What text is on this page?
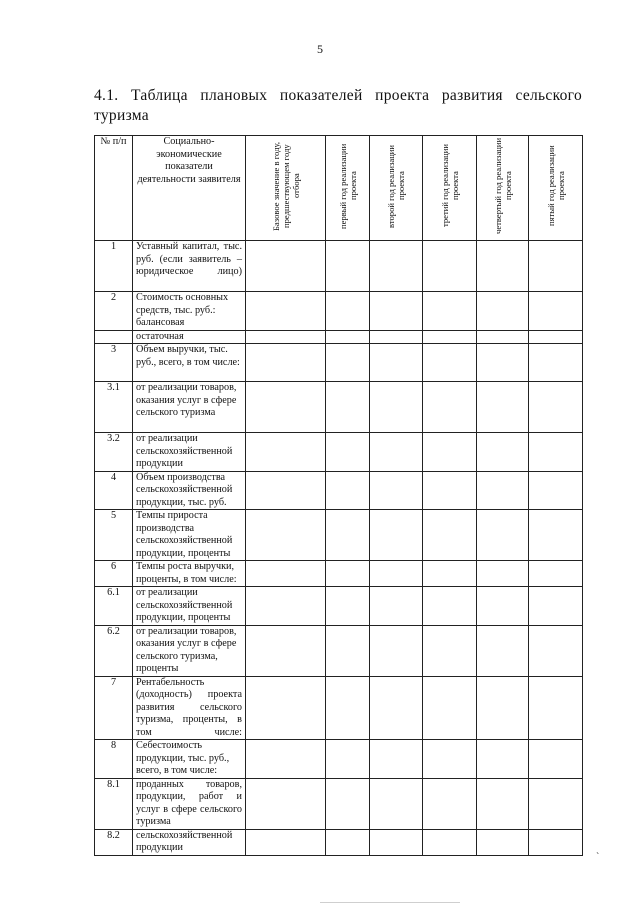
5
4.1. Таблица плановых показателей проекта развития сельского туризма
№ п/п	Социально-экономические показатели деятельности заявителя	Базовое значение в году, предшествующем году отбора	первый год реализации проекта	второй год реализации проекта	третий год реализации проекта	четвертый год реализации проекта	пятый год реализации проекта

1	Уставный капитал, тыс. руб. (если заявитель – юридическое лицо)						
2	Стоимость основных средств, тыс. руб.: балансовая						
	остаточная						
3	Объем выручки, тыс. руб., всего, в том числе:						
3.1	от реализации товаров, оказания услуг в сфере сельского туризма						
3.2	от реализации сельскохозяйственной продукции						
4	Объем производства сельскохозяйственной продукции, тыс. руб.						
5	Темпы прироста производства сельскохозяйственной продукции, проценты						
6	Темпы роста выручки, проценты, в том числе:						
6.1	от реализации сельскохозяйственной продукции, проценты						
6.2	от реализации товаров, оказания услуг в сфере сельского туризма, проценты						
7	Рентабельность (доходность) проекта развития сельского туризма, проценты, в том числе:						
8	Себестоимость продукции, тыс. руб., всего, в том числе:						
8.1	проданных товаров, продукции, работ и услуг в сфере сельского туризма						
8.2	сельскохозяйственной продукции						
`
